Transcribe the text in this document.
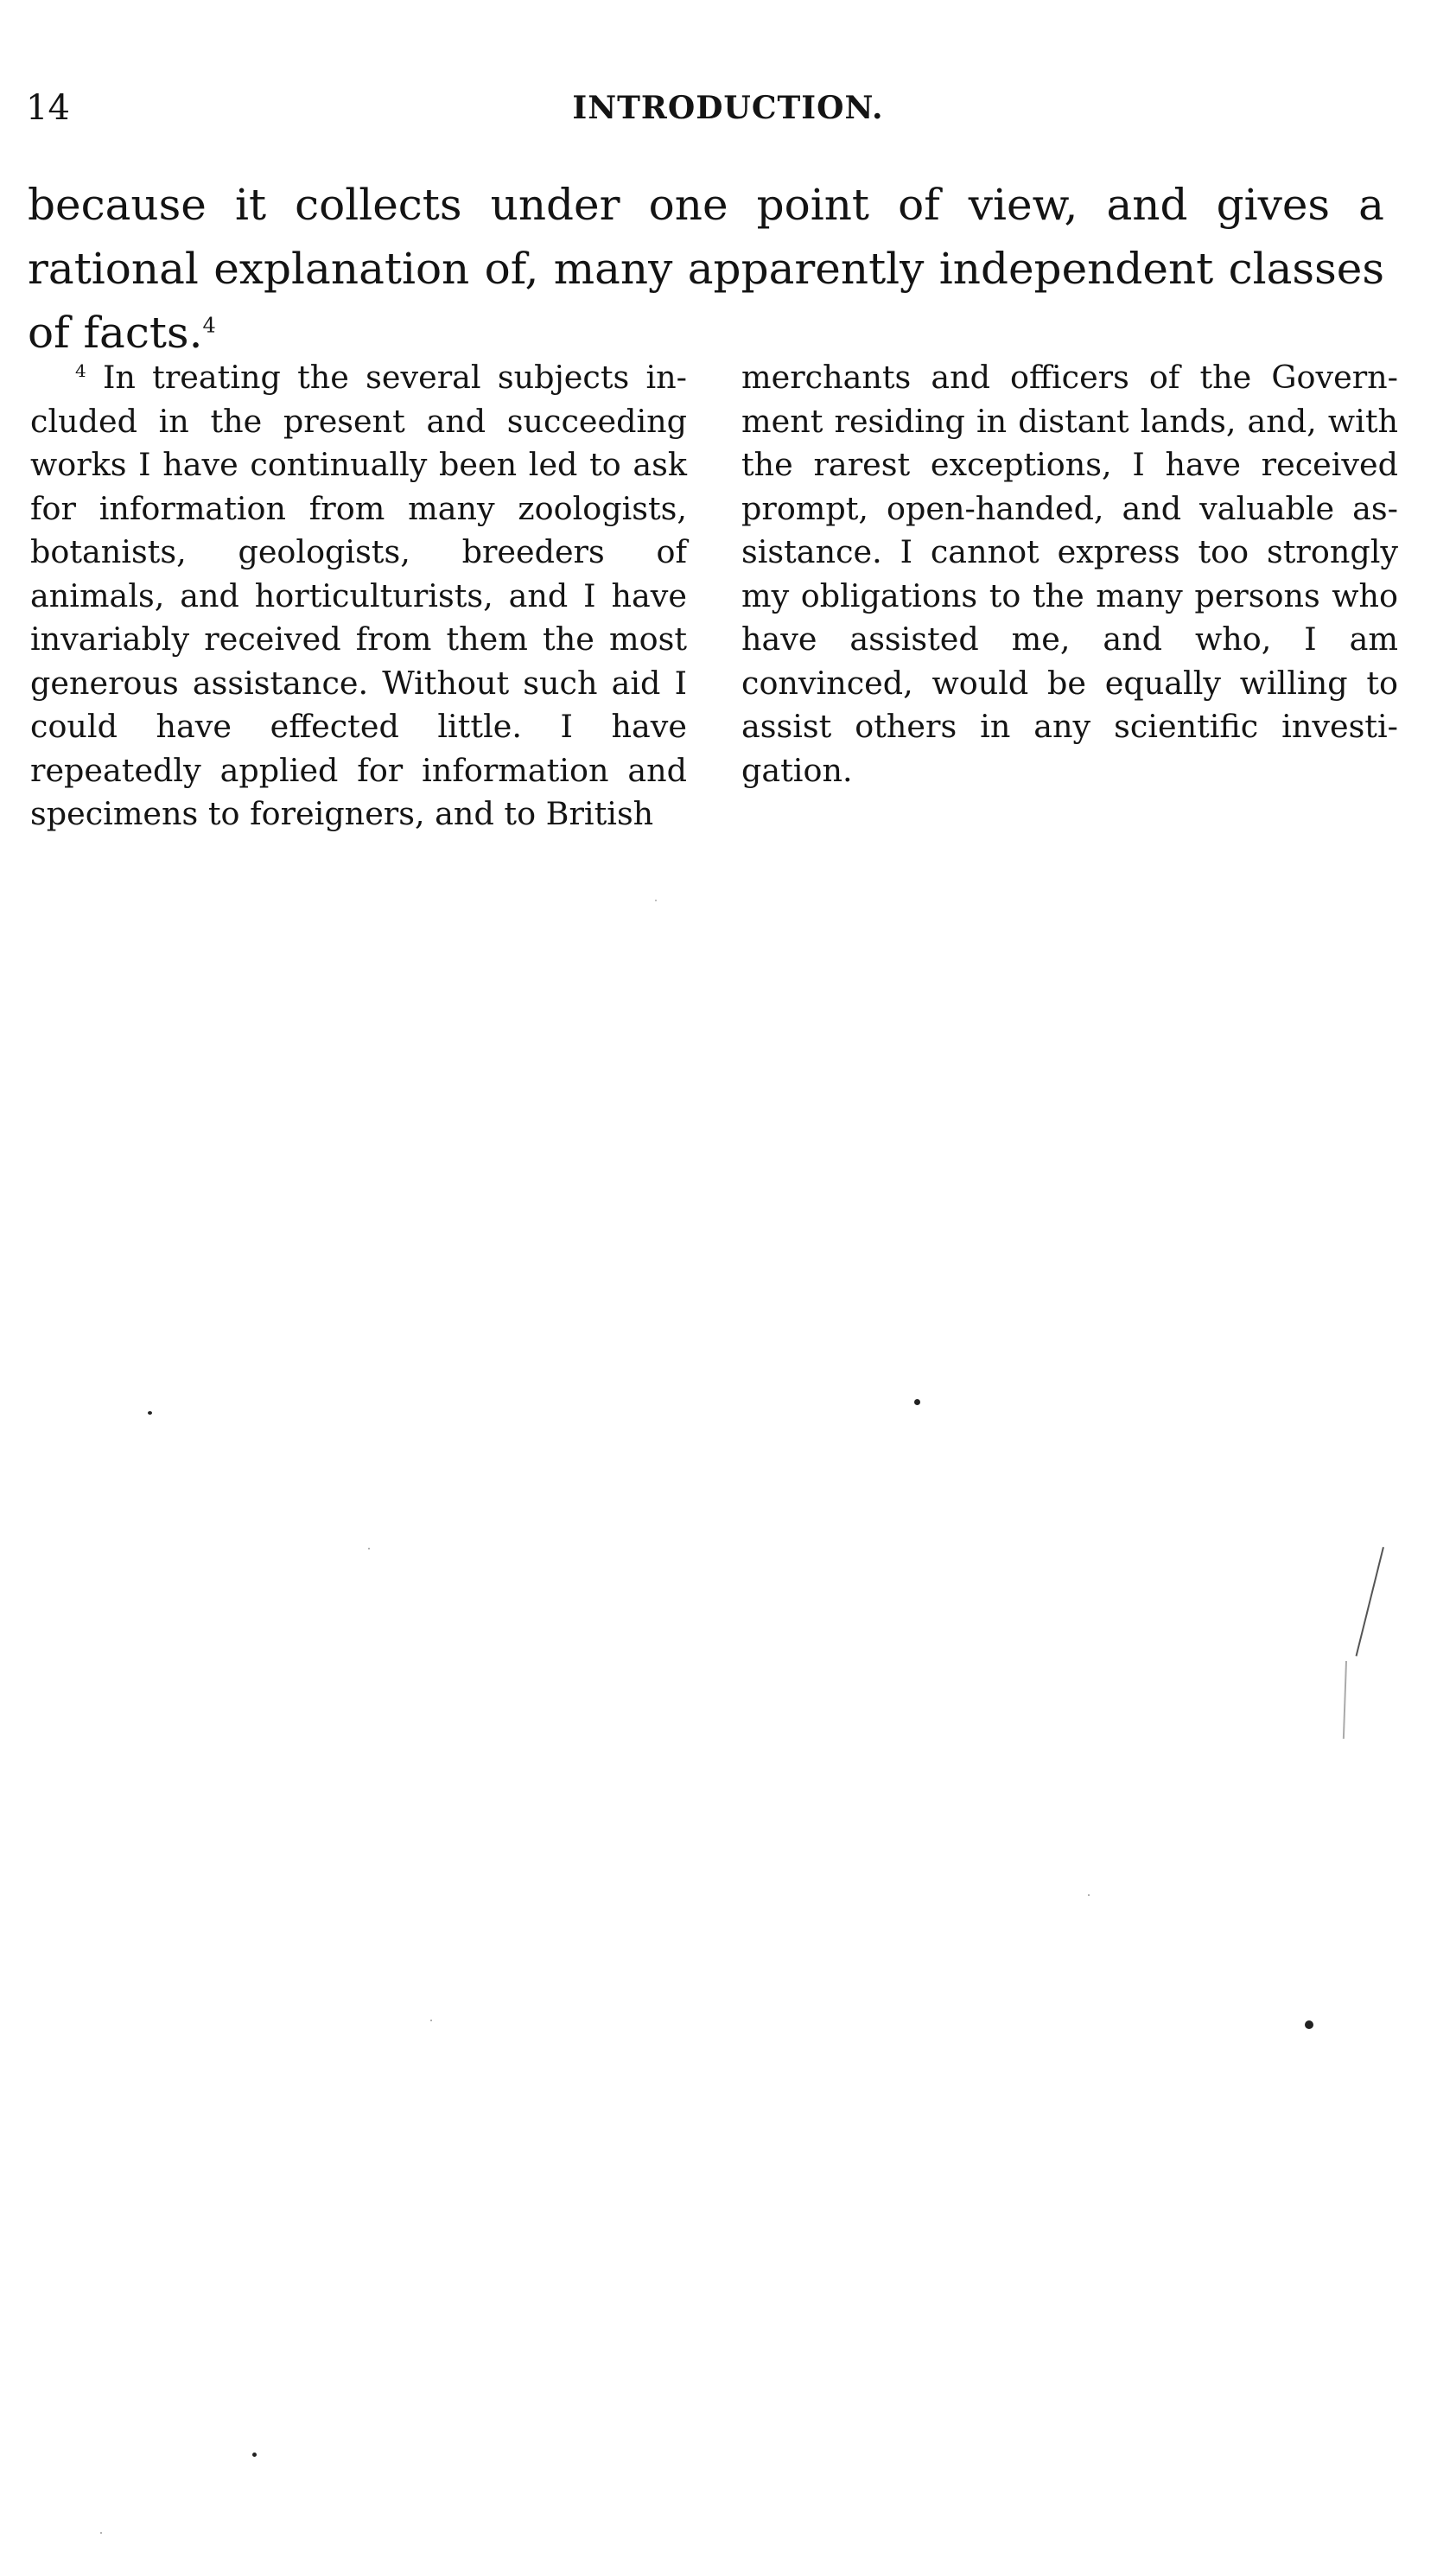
14	INTRODUCTION.

because it collects under one point of view, and gives a rational explanation of, many apparently independent classes of facts.$^4$

$^4$ In treating the several subjects included in the present and succeeding works I have continually been led to ask for information from many zoologists, botanists, geologists, breeders of animals, and horticulturists, and I have invariably received from them the most generous assistance. Without such aid I could have effected little. I have repeatedly applied for information and specimens to foreigners, and to British

merchants and officers of the Government residing in distant lands, and, with the rarest exceptions, I have received prompt, open-handed, and valuable assistance. I cannot express too strongly my obligations to the many persons who have assisted me, and who, I am convinced, would be equally willing to assist others in any scientific investigation.
